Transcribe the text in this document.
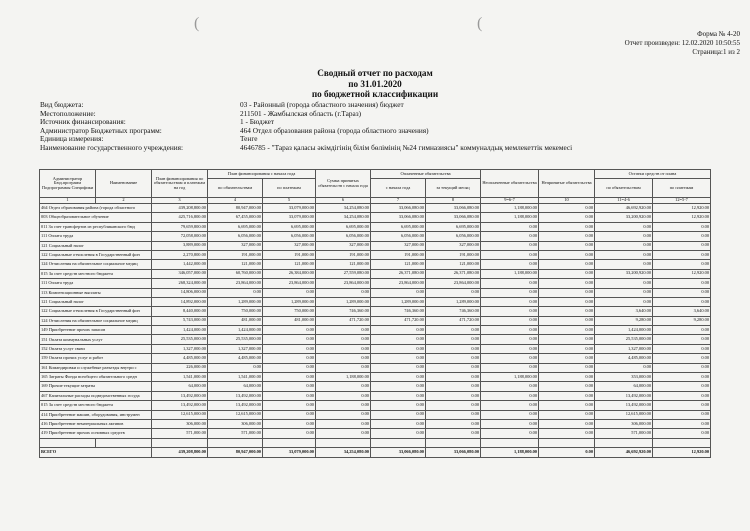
(	(
Форма № 4-20
Отчет произведен: 12.02.2020 10:50:55
Страница:1 из 2
Сводный отчет по расходам
по 31.01.2020
по бюджетной классификации
Вид бюджета:	03 - Районный (города областного значения) бюджет
Местоположение:	211501 - Жамбылская область (г.Тараз)
Источник финансирования:	1 - Бюджет
Администратор Бюджетных программ:	464 Отдел образования района (города областного значения)
Единица измерения:	Тенге
Наименование государственного учреждения:	4646785 - "Тараз қаласы әкімдігінің білім бөлімінің №24 гимназиясы" коммуналдық мемлекеттік мекемесі
Администратор Бюд.программ Подпрограммы Специфики	Наименование	План финансирования по обязательствам и платежам на год	План финансирования с начала года		Сумма принятых обязательств с начала года	Оплаченные обязательства		Неоплаченные обязательства	Непринятые обязательства	Остатки средств от плана	
			по обязательствам	по платежам		с начала года	за текущий месяц			по обязательствам	по платежам
1	2	3	4	5	6	7	8	9=6-7	10	11=4-6	12=5-7
464 Отдел образования района (города областного		439,208,800.00	80,947,000.00	33,079,000.00	34,254,080.00	33,066,080.00	33,066,080.00	1,188,000.00	0.00	46,692,920.00	12,920.00
003 Общеобразовательное обучение		425,716,800.00	67,455,000.00	33,079,000.00	34,254,080.00	33,066,080.00	33,066,080.00	1,188,000.00	0.00	33,200,920.00	12,920.00
011 За счет трансфертов из республиканского бюд		79,659,800.00	6,695,000.00	6,695,000.00	6,695,000.00	6,695,000.00	6,695,000.00	0.00	0.00	0.00	0.00
111 Оплата труда		72,058,000.00	6,056,000.00	6,056,000.00	6,056,000.00	6,056,000.00	6,056,000.00	0.00	0.00	0.00	0.00
121 Социальный налог		3,889,000.00	327,000.00	327,000.00	327,000.00	327,000.00	327,000.00	0.00	0.00	0.00	0.00
122 Социальные отчисления в Государственный фон		2,270,800.00	191,000.00	191,000.00	191,000.00	191,000.00	191,000.00	0.00	0.00	0.00	0.00
124 Отчисления на обязательное социальное медиц		1,442,000.00	121,000.00	121,000.00	121,000.00	121,000.00	121,000.00	0.00	0.00	0.00	0.00
015 За счет средств местного бюджета		346,057,000.00	60,760,000.00	26,384,000.00	27,559,080.00	26,371,080.00	26,371,080.00	1,188,000.00	0.00	33,200,920.00	12,920.00
111 Оплата труда		268,324,000.00	23,864,000.00	23,864,000.00	23,864,000.00	23,864,000.00	23,864,000.00	0.00	0.00	0.00	0.00
113 Компенсационные выплаты		14,806,000.00	0.00	0.00	0.00	0.00	0.00	0.00	0.00	0.00	0.00
121 Социальный налог		14,892,000.00	1,289,000.00	1,289,000.00	1,289,000.00	1,289,000.00	1,289,000.00	0.00	0.00	0.00	0.00
122 Социальные отчисления в Государственный фон		8,440,000.00	750,000.00	750,000.00	746,360.00	746,360.00	746,360.00	0.00	0.00	3,640.00	3,640.00
124 Отчисления на обязательное социальное медиц		5,743,000.00	481,000.00	481,000.00	471,720.00	471,720.00	471,720.00	0.00	0.00	9,280.00	9,280.00
149 Приобретение прочих запасов		1,424,000.00	1,424,000.00	0.00	0.00	0.00	0.00	0.00	0.00	1,424,000.00	0.00
151 Оплата коммунальных услуг		25,535,000.00	25,535,000.00	0.00	0.00	0.00	0.00	0.00	0.00	25,535,000.00	0.00
152 Оплата услуг связи		1,327,000.00	1,327,000.00	0.00	0.00	0.00	0.00	0.00	0.00	1,327,000.00	0.00
159 Оплата прочих услуг и работ		4,485,000.00	4,485,000.00	0.00	0.00	0.00	0.00	0.00	0.00	4,485,000.00	0.00
161 Командировки и служебные разъезды внутри с		226,000.00	0.00	0.00	0.00	0.00	0.00	0.00	0.00	0.00	0.00
165 Затраты Фонда всеобщего обязательного средн		1,541,000.00	1,541,000.00	0.00	1,188,000.00	0.00	0.00	1,188,000.00	0.00	353,000.00	0.00
169 Прочие текущие затраты		64,000.00	64,000.00	0.00	0.00	0.00	0.00	0.00	0.00	64,000.00	0.00
467 Капитальные расходы подведомственных госуда		13,492,000.00	13,492,000.00	0.00	0.00	0.00	0.00	0.00	0.00	13,492,000.00	0.00
015 За счет средств местного бюджета		13,492,000.00	13,492,000.00	0.00	0.00	0.00	0.00	0.00	0.00	13,492,000.00	0.00
414 Приобретение машин, оборудования, инструмен		12,615,000.00	12,615,000.00	0.00	0.00	0.00	0.00	0.00	0.00	12,615,000.00	0.00
416 Приобретение нематериальных активов		306,000.00	306,000.00	0.00	0.00	0.00	0.00	0.00	0.00	306,000.00	0.00
419 Приобретение прочих основных средств		571,000.00	571,000.00	0.00	0.00	0.00	0.00	0.00	0.00	571,000.00	0.00

ВСЕГО		439,208,800.00	80,947,000.00	33,079,000.00	34,254,080.00	33,066,080.00	33,066,080.00	1,188,000.00	0.00	46,692,920.00	12,920.00
